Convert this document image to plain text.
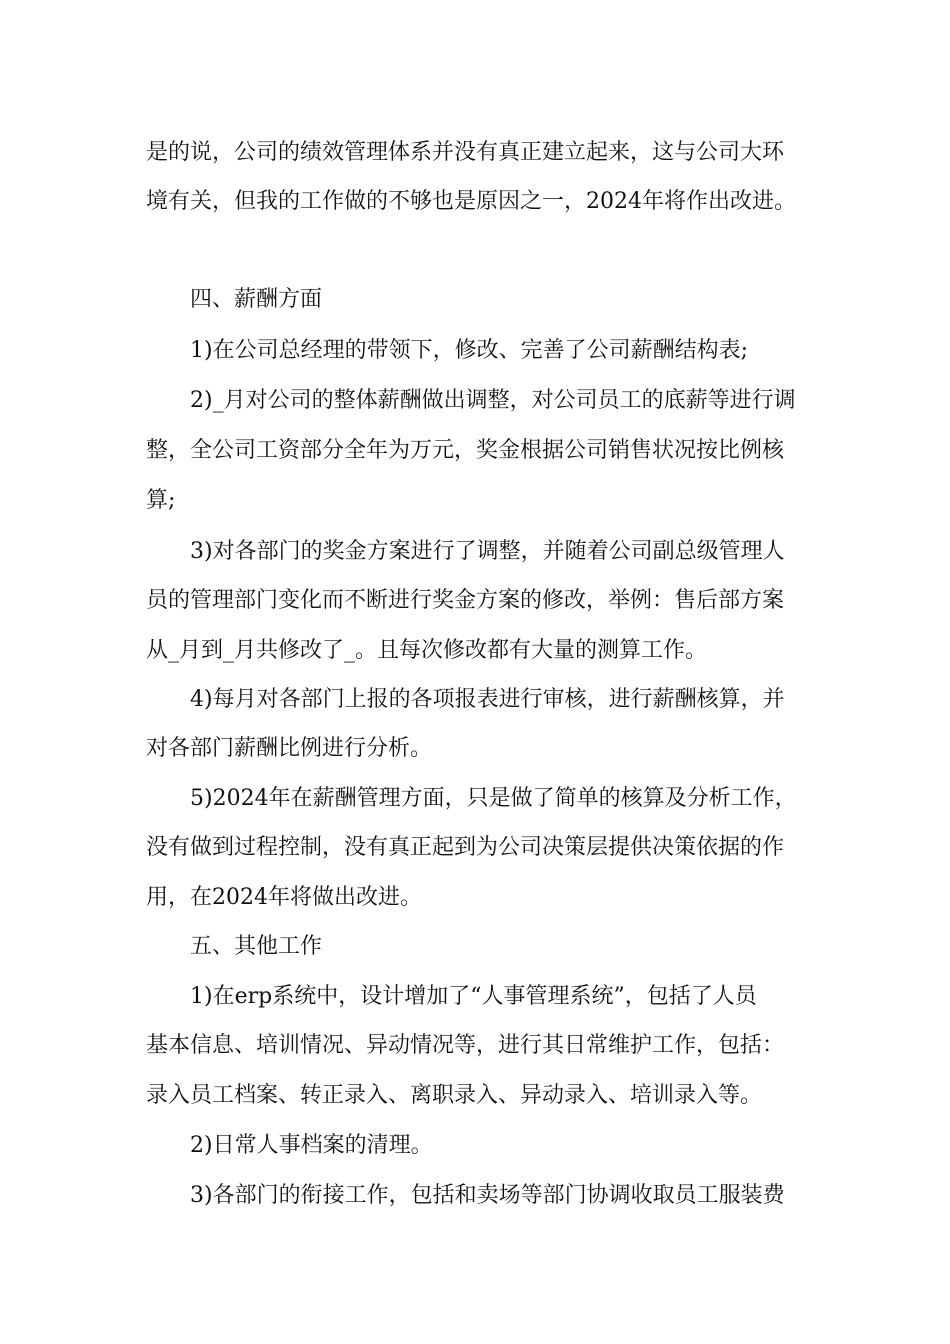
是的说，公司的绩效管理体系并没有真正建立起来，这与公司大环
境有关，但我的工作做的不够也是原因之一，2024年将作出改进。
四、薪酬方面
1)在公司总经理的带领下，修改、完善了公司薪酬结构表;
2)_月对公司的整体薪酬做出调整，对公司员工的底薪等进行调
整，全公司工资部分全年为万元，奖金根据公司销售状况按比例核
算;
3)对各部门的奖金方案进行了调整，并随着公司副总级管理人
员的管理部门变化而不断进行奖金方案的修改，举例：售后部方案
从_月到_月共修改了_。且每次修改都有大量的测算工作。
4)每月对各部门上报的各项报表进行审核，进行薪酬核算，并
对各部门薪酬比例进行分析。
5)2024年在薪酬管理方面，只是做了简单的核算及分析工作，
没有做到过程控制，没有真正起到为公司决策层提供决策依据的作
用，在2024年将做出改进。
五、其他工作
1)在erp系统中，设计增加了“人事管理系统”，包括了人员
基本信息、培训情况、异动情况等，进行其日常维护工作，包括：
录入员工档案、转正录入、离职录入、异动录入、培训录入等。
2)日常人事档案的清理。
3)各部门的衔接工作，包括和卖场等部门协调收取员工服装费
